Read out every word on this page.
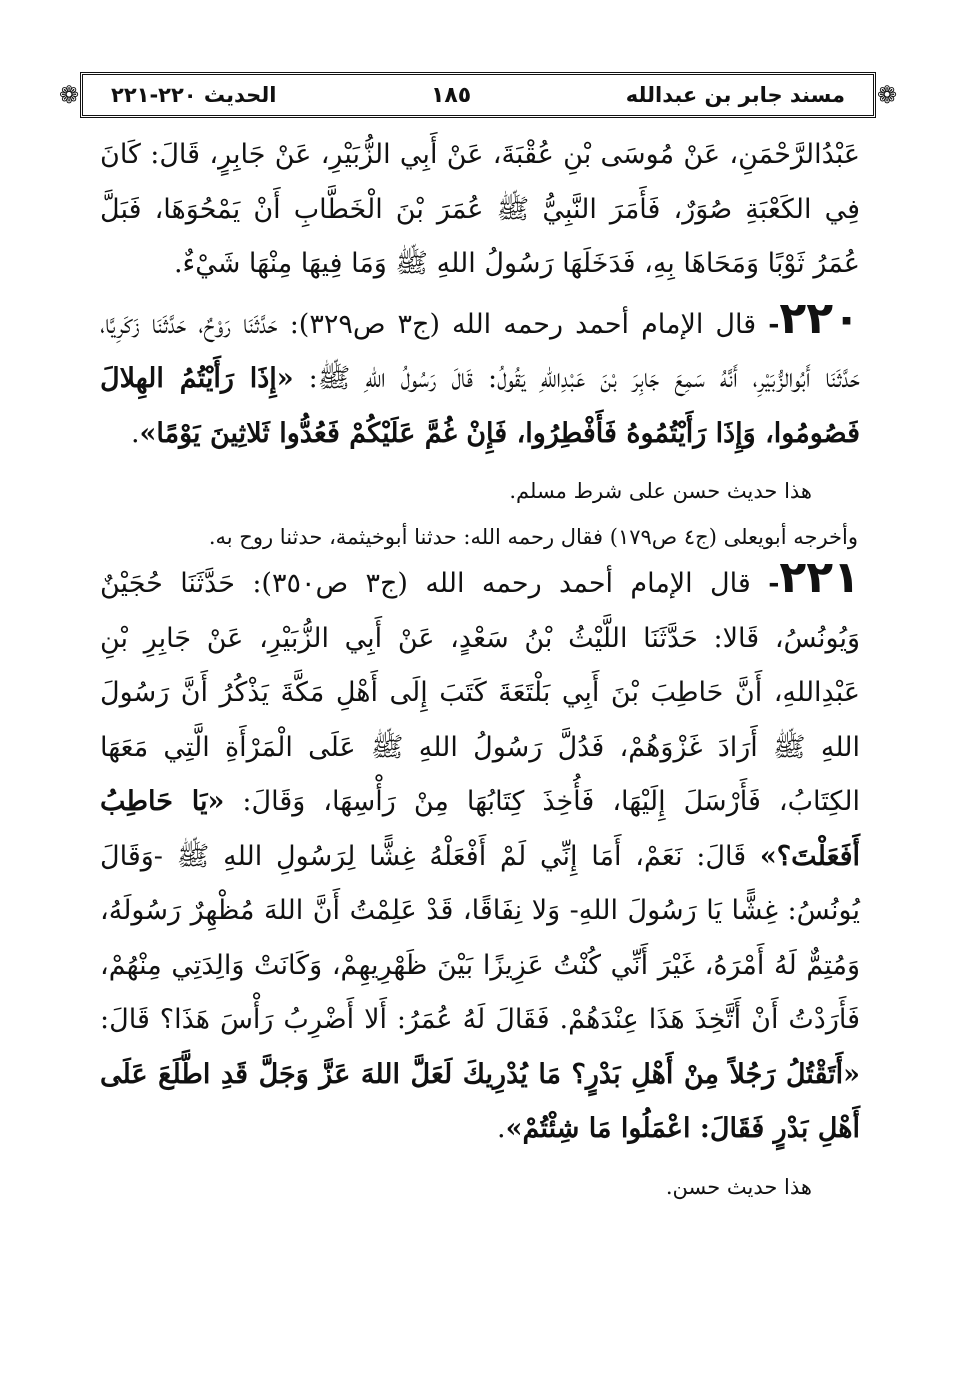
❁
❁	مسند جابر بن عبدالله
١٨٥
الحديث ٢٢٠-٢٢١

عَبْدُالرَّحْمَنِ، عَنْ مُوسَى بْنِ عُقْبَةَ، عَنْ أَبِي الزُّبَيْرِ، عَنْ جَابِرٍ، قَالَ: كَانَ فِي الكَعْبَةِ صُوَرٌ، فَأَمَرَ النَّبِيُّ ﷺ عُمَرَ بْنَ الْخَطَّابِ أَنْ يَمْحُوَهَا، فَبَلَّ عُمَرُ ثَوْبًا وَمَحَاهَا بِهِ، فَدَخَلَهَا رَسُولُ اللهِ ﷺ وَمَا فِيهَا مِنْهَا شَيْءٌ.

٢٢٠- قال الإمام أحمد رحمه الله (ج٣ ص٣٢٩): حَدَّثَنَا رَوْحٌ، حَدَّثَنَا زَكَرِيَّا، حَدَّثَنَا أَبُوالزُّبَيْرِ، أَنَّهُ سَمِعَ جَابِرَ بْنَ عَبْدِاللهِ يَقُولُ: قَالَ رَسُولُ اللهِ ﷺ: «إِذَا رَأَيْتُمُ الهِلالَ فَصُومُوا، وَإِذَا رَأَيْتُمُوهُ فَأَفْطِرُوا، فَإِنْ غُمَّ عَلَيْكُمْ فَعُدُّوا ثَلاثِينَ يَوْمًا».

هذا حديث حسن على شرط مسلم.

وأخرجه أبويعلى (ج٤ ص١٧٩) فقال رحمه الله: حدثنا أبوخيثمة، حدثنا روح به.

٢٢١- قال الإمام أحمد رحمه الله (ج٣ ص٣٥٠): حَدَّثَنَا حُجَيْنٌ وَيُونُسُ، قَالا: حَدَّثَنَا اللَّيْثُ بْنُ سَعْدٍ، عَنْ أَبِي الزُّبَيْرِ، عَنْ جَابِرِ بْنِ عَبْدِاللهِ، أَنَّ حَاطِبَ بْنَ أَبِي بَلْتَعَةَ كَتَبَ إِلَى أَهْلِ مَكَّةَ يَذْكُرُ أَنَّ رَسُولَ اللهِ ﷺ أَرَادَ غَزْوَهُمْ، فَدُلَّ رَسُولُ اللهِ ﷺ عَلَى الْمَرْأَةِ الَّتِي مَعَهَا الكِتَابُ، فَأَرْسَلَ إِلَيْهَا، فَأُخِذَ كِتَابُهَا مِنْ رَأْسِهَا، وَقَالَ: «يَا حَاطِبُ أَفَعَلْتَ؟» قَالَ: نَعَمْ، أَمَا إِنِّي لَمْ أَفْعَلْهُ غِشًّا لِرَسُولِ اللهِ ﷺ -وَقَالَ يُونُسُ: غِشًّا يَا رَسُولَ اللهِ- وَلا نِفَاقًا، قَدْ عَلِمْتُ أَنَّ اللهَ مُظْهِرٌ رَسُولَهُ، وَمُتِمٌّ لَهُ أَمْرَهُ، غَيْرَ أَنِّي كُنْتُ عَزِيزًا بَيْنَ ظَهْرِيهِمْ، وَكَانَتْ وَالِدَتِي مِنْهُمْ، فَأَرَدْتُ أَنْ أَتَّخِذَ هَذَا عِنْدَهُمْ. فَقَالَ لَهُ عُمَرُ: أَلا أَضْرِبُ رَأْسَ هَذَا؟ قَالَ: «أَتَقْتُلُ رَجُلاً مِنْ أَهْلِ بَدْرٍ؟ مَا يُدْرِيكَ لَعَلَّ اللهَ عَزَّ وَجَلَّ قَدِ اطَّلَعَ عَلَى أَهْلِ بَدْرٍ فَقَالَ: اعْمَلُوا مَا شِئْتُمْ».

هذا حديث حسن.
